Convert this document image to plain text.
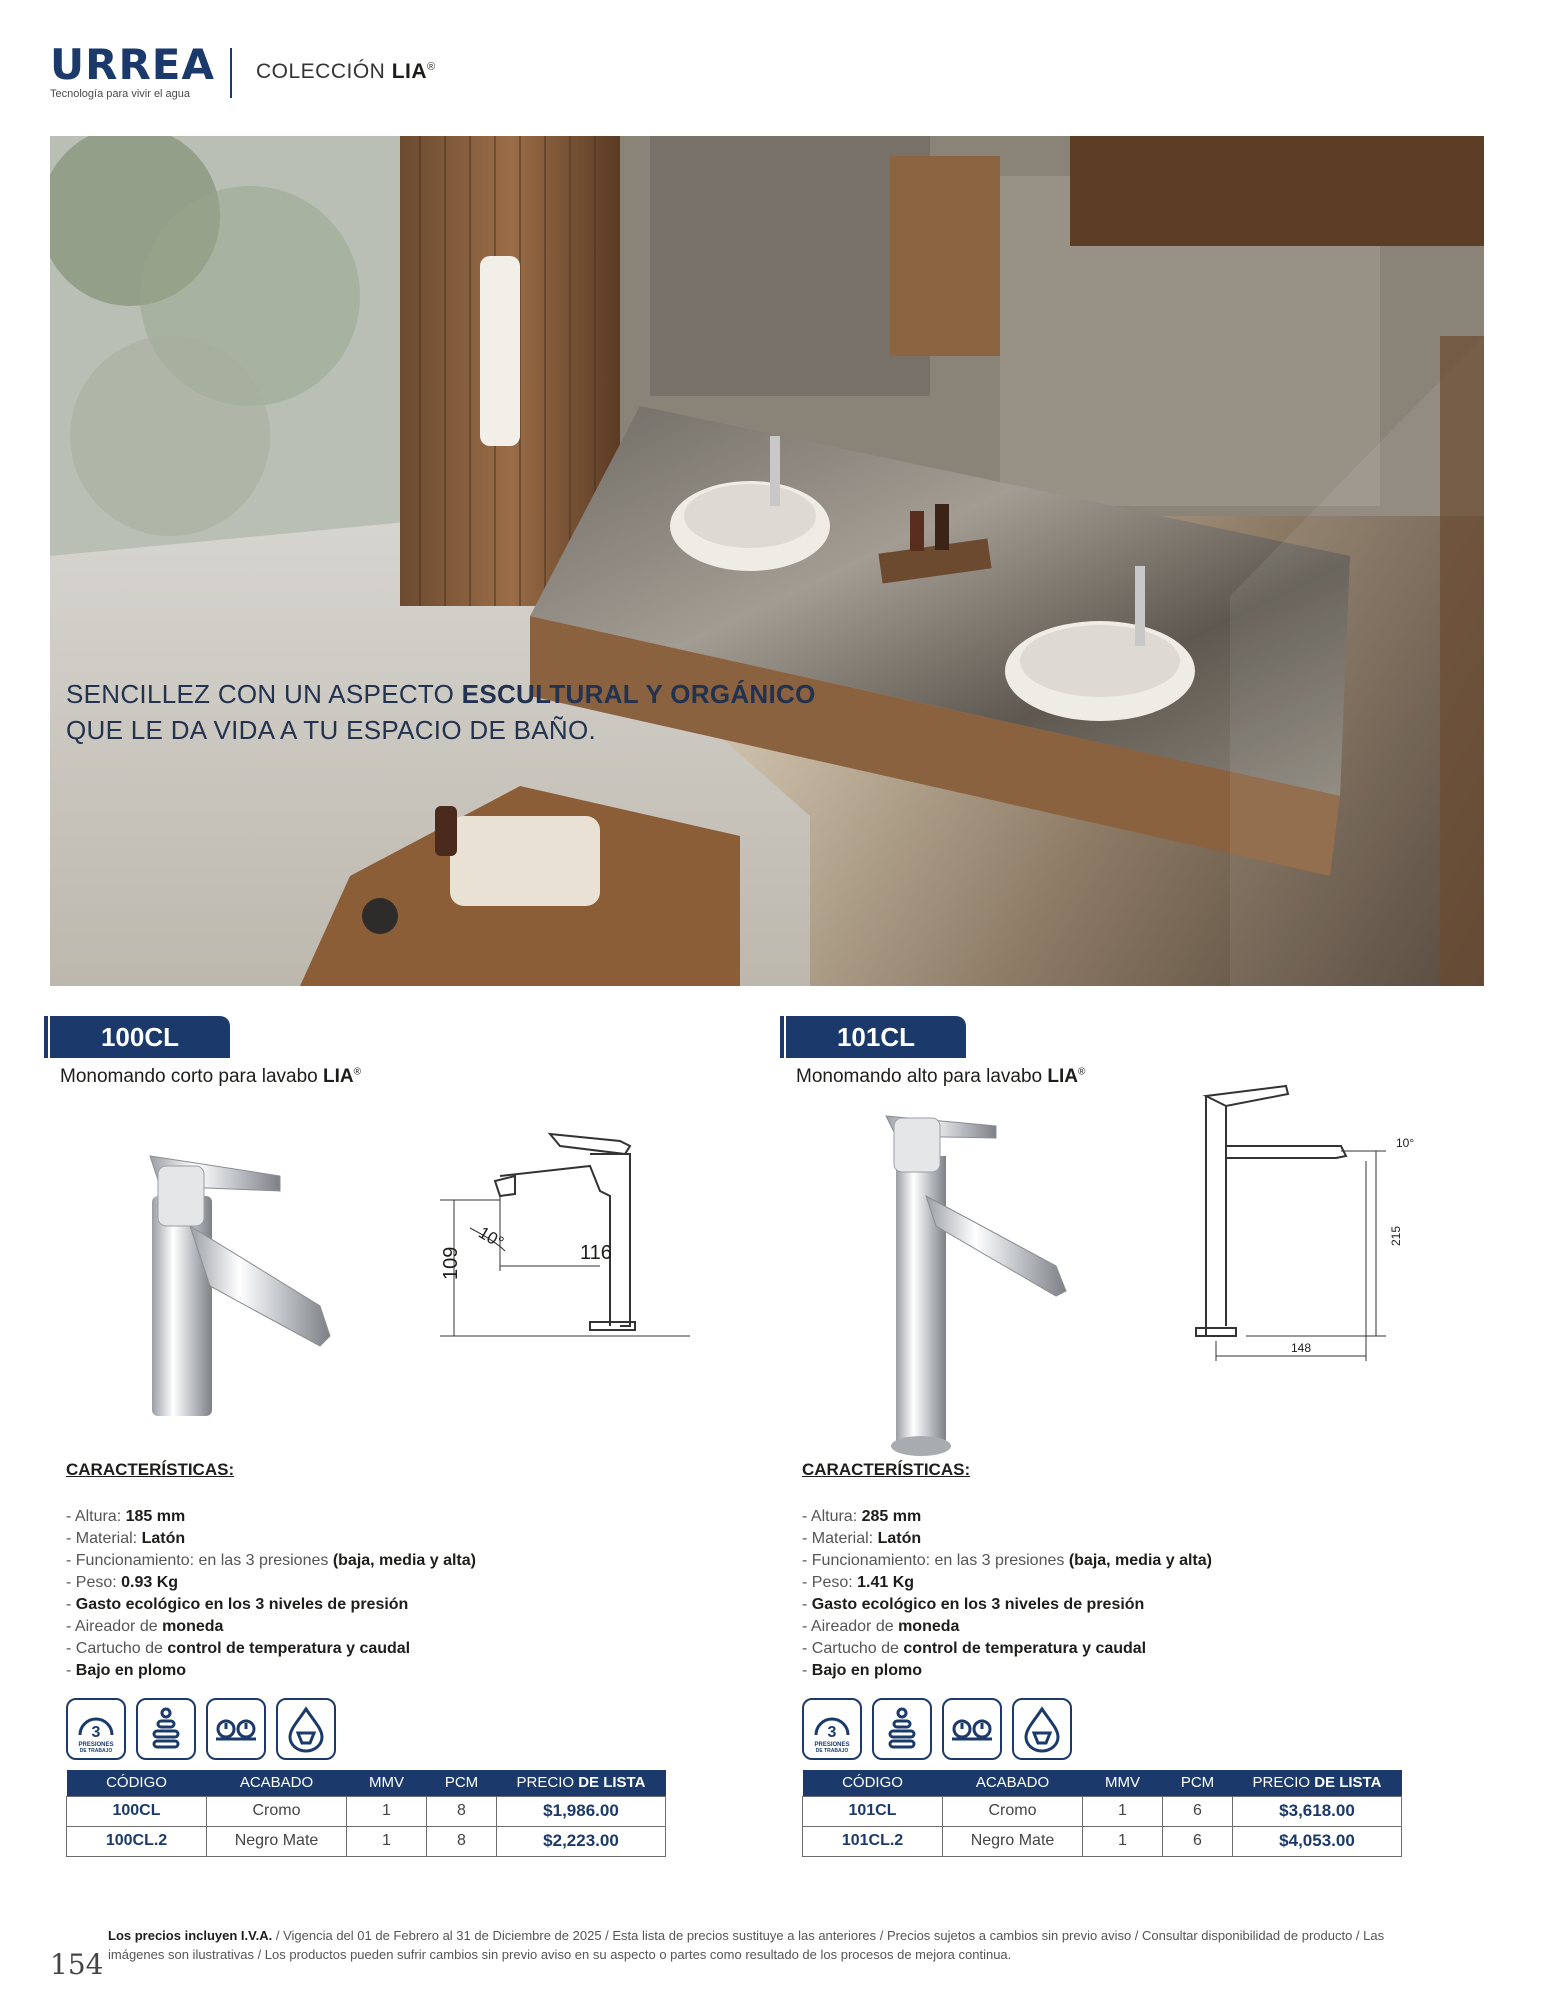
URREA
Tecnología para vivir el agua
COLECCIÓN LIA®
SENCILLEZ CON UN ASPECTO ESCULTURAL Y ORGÁNICO
QUE LE DA VIDA A TU ESPACIO DE BAÑO.
100CL
Monomando corto para lavabo LIA®
109	116
10°
CARACTERÍSTICAS:
- Altura: 185 mm
- Material: Latón
- Funcionamiento: en las 3 presiones (baja, media y alta)
- Peso: 0.93 Kg
- Gasto ecológico en los 3 niveles de presión
- Aireador de moneda
- Cartucho de control de temperatura y caudal
- Bajo en plomo
3
PRESIONES
DE TRABAJO
CÓDIGO	ACABADO	MMV	PCM	PRECIO DE LISTA
100CL	Cromo	1	8	$1,986.00
100CL.2	Negro Mate	1	8	$2,223.00
101CL
Monomando alto para lavabo LIA®
215
148
10°
CARACTERÍSTICAS:
- Altura: 285 mm
- Material: Latón
- Funcionamiento: en las 3 presiones (baja, media y alta)
- Peso: 1.41 Kg
- Gasto ecológico en los 3 niveles de presión
- Aireador de moneda
- Cartucho de control de temperatura y caudal
- Bajo en plomo
3
PRESIONES
DE TRABAJO
CÓDIGO	ACABADO	MMV	PCM	PRECIO DE LISTA
101CL	Cromo	1	6	$3,618.00
101CL.2	Negro Mate	1	6	$4,053.00
154
Los precios incluyen I.V.A. / Vigencia del 01 de Febrero al 31 de Diciembre de 2025 / Esta lista de precios sustituye a las anteriores / Precios sujetos a cambios sin previo aviso / Consultar disponibilidad de producto / Las imágenes son ilustrativas / Los productos pueden sufrir cambios sin previo aviso en su aspecto o partes como resultado de los procesos de mejora continua.
